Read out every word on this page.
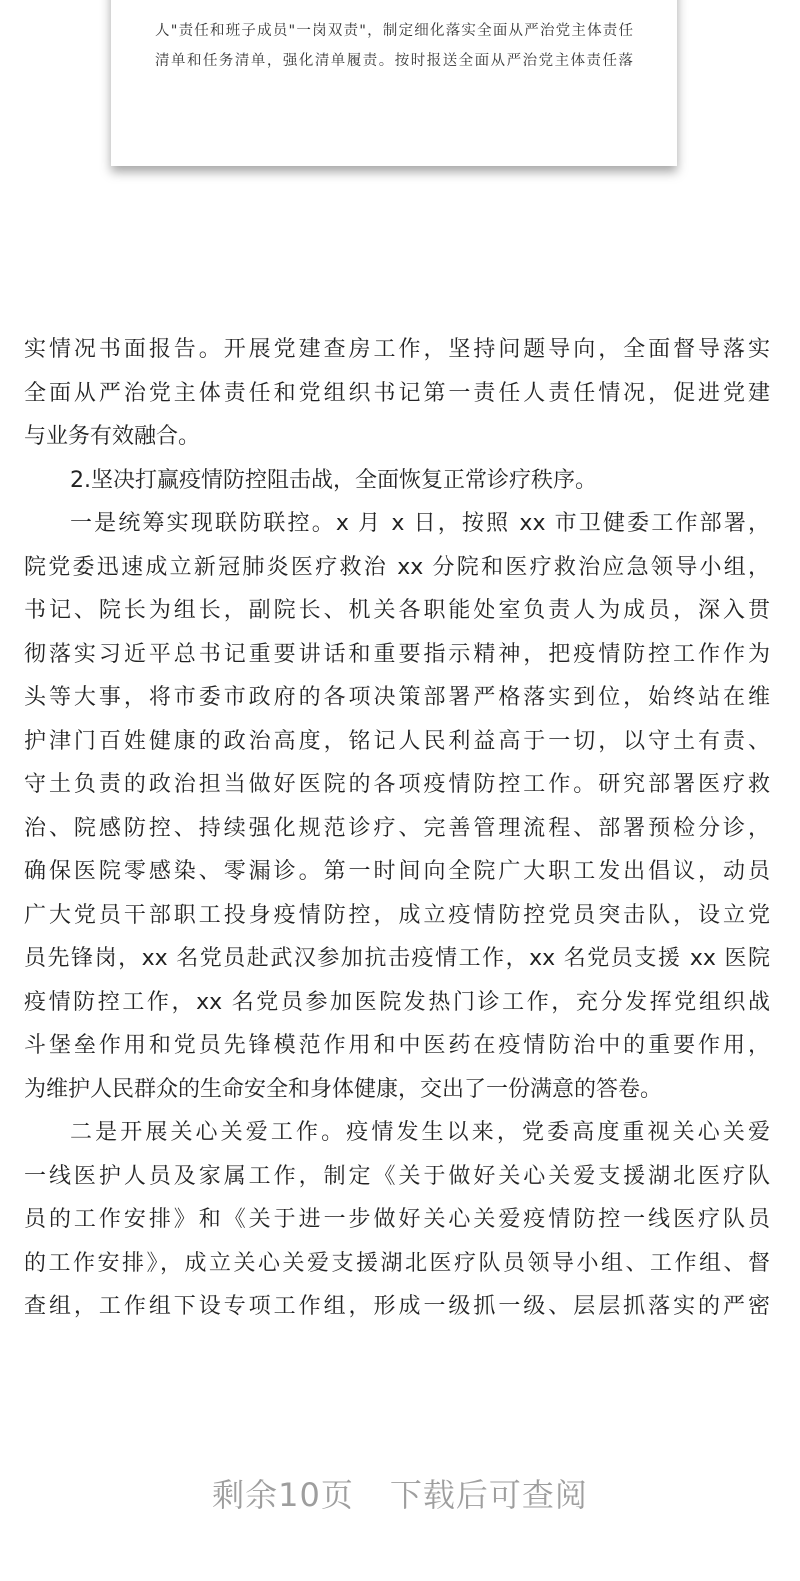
人"责任和班子成员"一岗双责"，制定细化落实全面从严治党主体责任
清单和任务清单，强化清单履责。按时报送全面从严治党主体责任落
实情况书面报告。开展党建查房工作，坚持问题导向，全面督导落实
全面从严治党主体责任和党组织书记第一责任人责任情况，促进党建
与业务有效融合。
2.坚决打赢疫情防控阻击战，全面恢复正常诊疗秩序。
一是统筹实现联防联控。x 月 x 日，按照 xx 市卫健委工作部署，
院党委迅速成立新冠肺炎医疗救治 xx 分院和医疗救治应急领导小组，
书记、院长为组长，副院长、机关各职能处室负责人为成员，深入贯
彻落实习近平总书记重要讲话和重要指示精神，把疫情防控工作作为
头等大事，将市委市政府的各项决策部署严格落实到位，始终站在维
护津门百姓健康的政治高度，铭记人民利益高于一切，以守土有责、
守土负责的政治担当做好医院的各项疫情防控工作。研究部署医疗救
治、院感防控、持续强化规范诊疗、完善管理流程、部署预检分诊，
确保医院零感染、零漏诊。第一时间向全院广大职工发出倡议，动员
广大党员干部职工投身疫情防控，成立疫情防控党员突击队，设立党
员先锋岗，xx 名党员赴武汉参加抗击疫情工作，xx 名党员支援 xx 医院
疫情防控工作，xx 名党员参加医院发热门诊工作，充分发挥党组织战
斗堡垒作用和党员先锋模范作用和中医药在疫情防治中的重要作用，
为维护人民群众的生命安全和身体健康，交出了一份满意的答卷。
二是开展关心关爱工作。疫情发生以来，党委高度重视关心关爱
一线医护人员及家属工作，制定《关于做好关心关爱支援湖北医疗队
员的工作安排》和《关于进一步做好关心关爱疫情防控一线医疗队员
的工作安排》，成立关心关爱支援湖北医疗队员领导小组、工作组、督
查组，工作组下设专项工作组，形成一级抓一级、层层抓落实的严密
剩余10页 下载后可查阅
